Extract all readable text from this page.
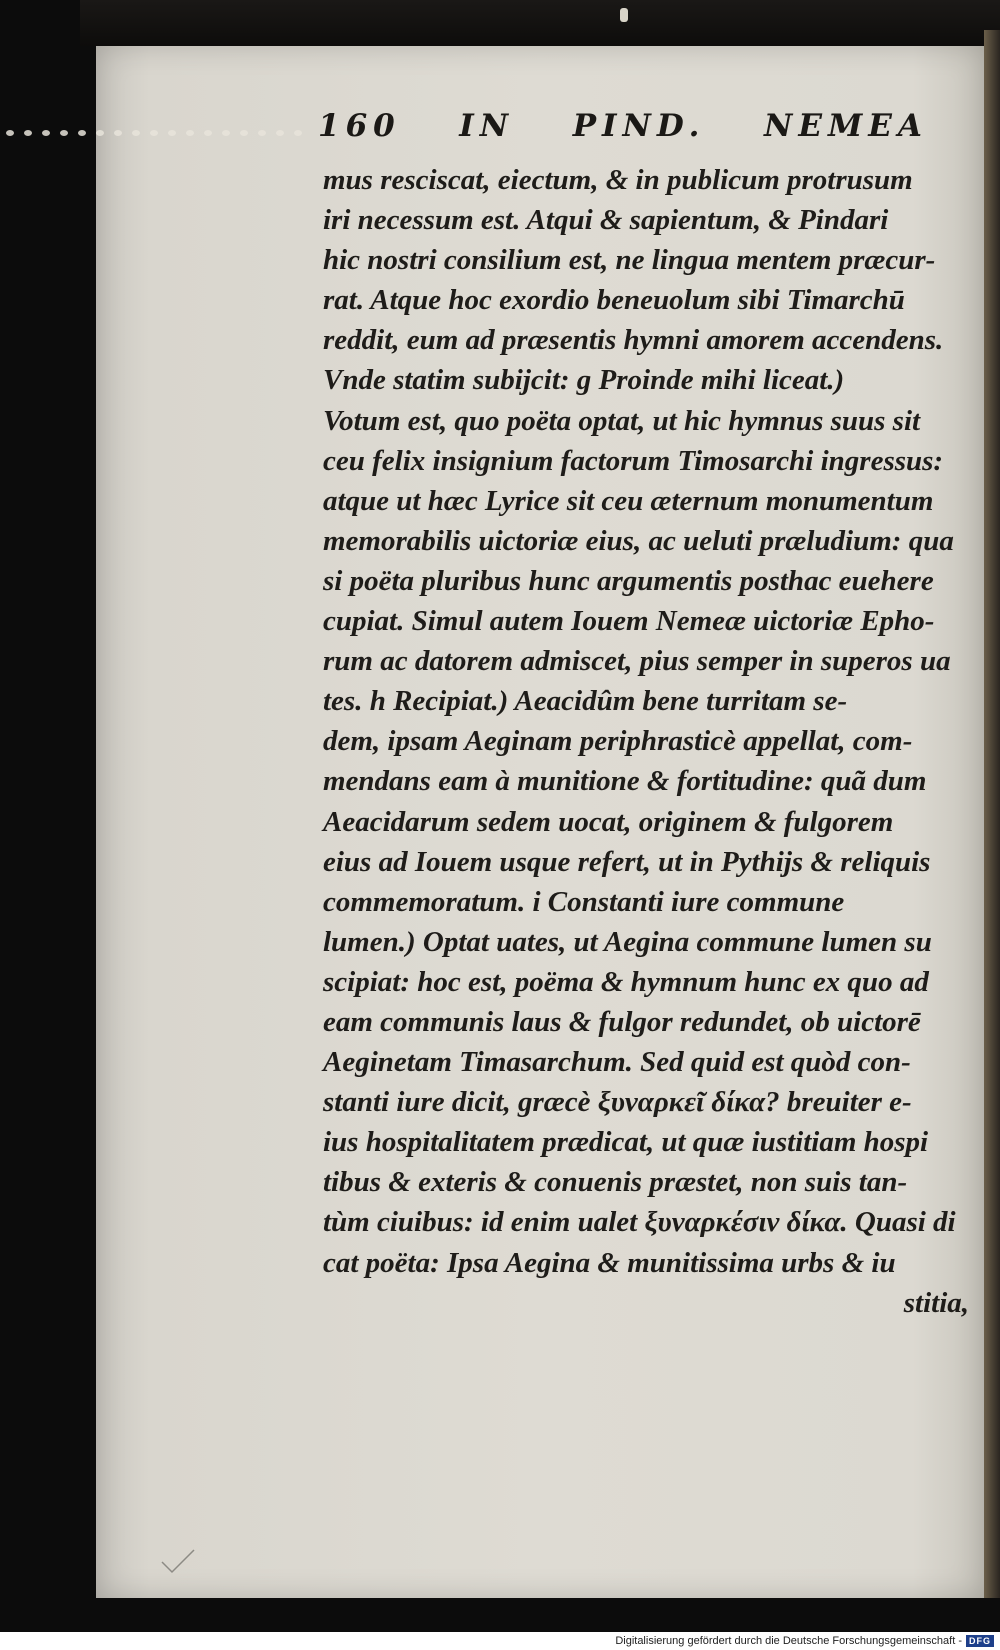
160 IN PIND. NEMEA
mus resciscat, eiectum, & in publicum protrusum
iri necessum est. Atqui & sapientum, & Pindari
hic nostri consilium est, ne lingua mentem præcur-
rat. Atque hoc exordio beneuolum sibi Timarchū
reddit, eum ad præsentis hymni amorem accendens.
Vnde statim subijcit: g Proinde mihi liceat.)
Votum est, quo poëta optat, ut hic hymnus suus sit
ceu felix insignium factorum Timosarchi ingressus:
atque ut hæc Lyrice sit ceu æternum monumentum
memorabilis uictoriæ eius, ac ueluti præludium: qua
si poëta pluribus hunc argumentis posthac euehere
cupiat. Simul autem Iouem Nemeæ uictoriæ Epho-
rum ac datorem admiscet, pius semper in superos ua
tes. h Recipiat.) Aeacidûm bene turritam se-
dem, ipsam Aeginam periphrasticè appellat, com-
mendans eam à munitione & fortitudine: quã dum
Aeacidarum sedem uocat, originem & fulgorem
eius ad Iouem usque refert, ut in Pythijs & reliquis
commemoratum. i Constanti iure commune
lumen.) Optat uates, ut Aegina commune lumen su
scipiat: hoc est, poëma & hymnum hunc ex quo ad
eam communis laus & fulgor redundet, ob uictorē
Aeginetam Timasarchum. Sed quid est quòd con-
stanti iure dicit, græcè ξυναρκεῖ δίκα? breuiter e-
ius hospitalitatem prædicat, ut quæ iustitiam hospi
tibus & exteris & conuenis præstet, non suis tan-
tùm ciuibus: id enim ualet ξυναρκέσιν δίκα. Quasi di
cat poëta: Ipsa Aegina & munitissima urbs & iu
stitia,
Digitalisierung gefördert durch die Deutsche Forschungsgemeinschaft - DFG
